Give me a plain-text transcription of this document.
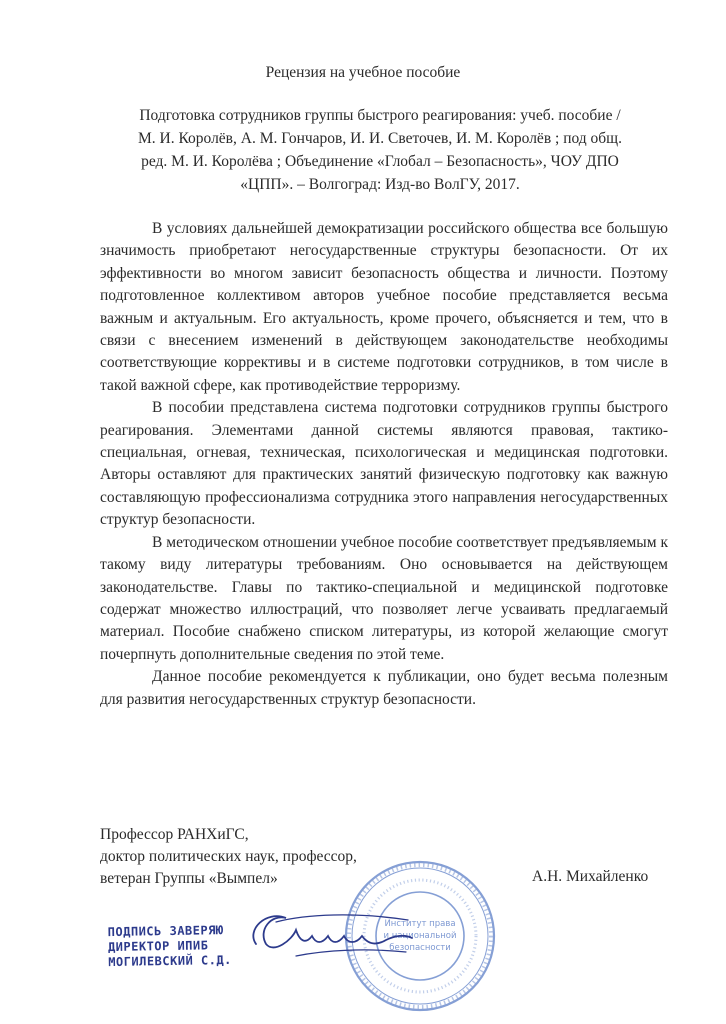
Рецензия на учебное пособие
Подготовка сотрудников группы быстрого реагирования: учеб. пособие /
М. И. Королёв, А. М. Гончаров, И. И. Светочев, И. М. Королёв ; под общ.
ред. М. И. Королёва ; Объединение «Глобал – Безопасность», ЧОУ ДПО
«ЦПП». – Волгоград: Изд-во ВолГУ, 2017.

В условиях дальнейшей демократизации российского общества все большую значимость приобретают негосударственные структуры безопасности. От их эффективности во многом зависит безопасность общества и личности. Поэтому подготовленное коллективом авторов учебное пособие представляется весьма важным и актуальным. Его актуальность, кроме прочего, объясняется и тем, что в связи с внесением изменений в действующем законодательстве необходимы соответствующие коррективы и в системе подготовки сотрудников, в том числе в такой важной сфере, как противодействие терроризму.

В пособии представлена система подготовки сотрудников группы быстрого реагирования. Элементами данной системы являются правовая, тактико-специальная, огневая, техническая, психологическая и медицинская подготовки. Авторы оставляют для практических занятий физическую подготовку как важную составляющую профессионализма сотрудника этого направления негосударственных структур безопасности.

В методическом отношении учебное пособие соответствует предъявляемым к такому виду литературы требованиям. Оно основывается на действующем законодательстве. Главы по тактико-специальной и медицинской подготовке содержат множество иллюстраций, что позволяет легче усваивать предлагаемый материал. Пособие снабжено списком литературы, из которой желающие смогут почерпнуть дополнительные сведения по этой теме.

Данное пособие рекомендуется к публикации, оно будет весьма полезным для развития негосударственных структур безопасности.

Профессор РАНХиГС,
доктор политических наук, профессор,
ветеран Группы «Вымпел»	А.Н. Михайленко
Институт права
и национальной
безопасности
ПОДПИСЬ ЗАВЕРЯЮ
ДИРЕКТОР ИПИБ
МОГИЛЕВСКИЙ С.Д.
